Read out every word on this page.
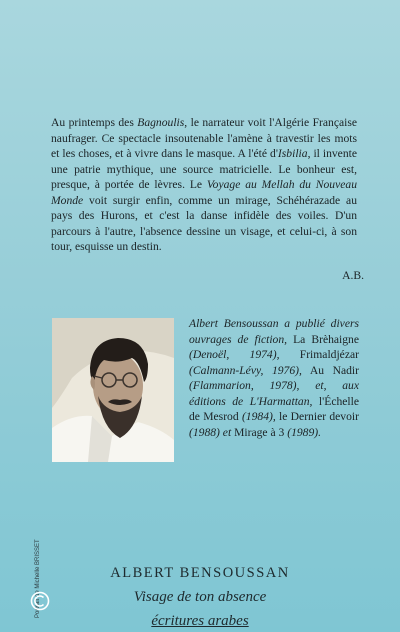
Au printemps des Bagnoulis, le narrateur voit l'Algérie Française naufrager. Ce spectacle insoutenable l'amène à travestir les mots et les choses, et à vivre dans le masque. A l'été d'Isbilia, il invente une patrie mythique, une source matricielle. Le bonheur est, presque, à portée de lèvres. Le Voyage au Mellah du Nouveau Monde voit surgir enfin, comme un mirage, Schéhérazade au pays des Hurons, et c'est la danse infidèle des voiles. D'un parcours à l'autre, l'absence dessine un visage, et celui-ci, à son tour, esquisse un destin.

A.B.
Portrait de Michelle BRISSET
Albert Bensoussan a publié divers ouvrages de fiction, La Brèhaigne (Denoël, 1974), Frimaldjézar (Calmann-Lévy, 1976), Au Nadir (Flammarion, 1978), et, aux éditions de L'Harmattan, l'Échelle de Mesrod (1984), le Dernier devoir (1988) et Mirage à 3 (1989).
ALBERT BENSOUSSAN
Visage de ton absence
écritures arabes
